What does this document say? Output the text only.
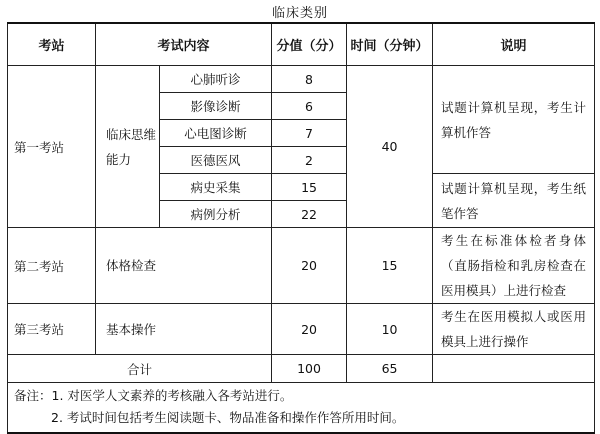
临床类别
考站	考试内容		分值（分）	时间（分钟）	说明
第一考站	临床思维能力	心肺听诊	8	40	试题计算机呈现，考生计算机作答
		影像诊断	6		
		心电图诊断	7		
		医德医风	2		
		病史采集	15		试题计算机呈现，考生纸笔作答
		病例分析	22		
第二考站	体格检查		20	15	考生在标准体检者身体（直肠指检和乳房检查在医用模具）上进行检查
第三考站	基本操作		20	10	考生在医用模拟人或医用模具上进行操作
合计			100	65	

备注：1. 对医学人文素养的考核融入各考站进行。
2. 考试时间包括考生阅读题卡、物品准备和操作作答所用时间。					
